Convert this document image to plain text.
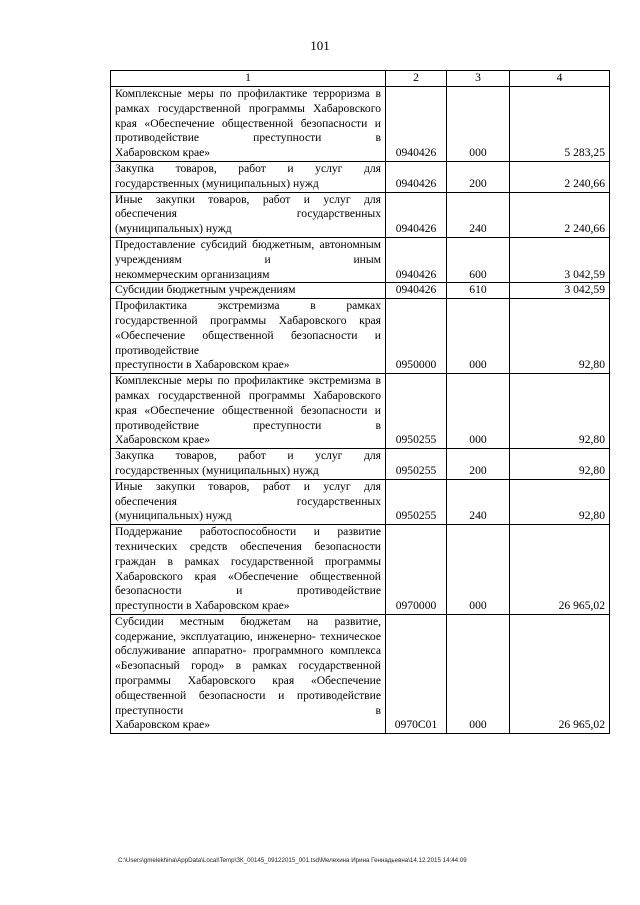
101
1	2	3	4
Комплексные меры по профилактике терроризма в рамках государственной программы Хабаровского края «Обеспечение общественной безопасности и противодействие преступности в
Хабаровском крае»	0940426	000	5 283,25
Закупка товаров, работ и услуг для
государственных (муниципальных) нужд	0940426	200	2 240,66
Иные закупки товаров, работ и услуг для обеспечения государственных
(муниципальных) нужд	0940426	240	2 240,66
Предоставление субсидий бюджетным, автономным учреждениям и иным
некоммерческим организациям	0940426	600	3 042,59

Субсидии бюджетным учреждениям	0940426	610	3 042,59
Профилактика экстремизма в рамках государственной программы Хабаровского края «Обеспечение общественной безопасности и противодействие
преступности в Хабаровском крае»	0950000	000	92,80
Комплексные меры по профилактике экстремизма в рамках государственной программы Хабаровского края «Обеспечение общественной безопасности и противодействие преступности в
Хабаровском крае»	0950255	000	92,80
Закупка товаров, работ и услуг для
государственных (муниципальных) нужд	0950255	200	92,80
Иные закупки товаров, работ и услуг для обеспечения государственных
(муниципальных) нужд	0950255	240	92,80
Поддержание работоспособности и развитие технических средств обеспечения безопасности граждан в рамках государственной программы Хабаровского края «Обеспечение общественной безопасности и противодействие
преступности в Хабаровском крае»	0970000	000	26 965,02
Субсидии местным бюджетам на развитие, содержание, эксплуатацию, инженерно- техническое обслуживание аппаратно- программного комплекса «Безопасный город» в рамках государственной программы Хабаровского края «Обеспечение общественной безопасности и противодействие преступности в
Хабаровском крае»	0970С01	000	26 965,02
C:\Users\gmelekhina\AppData\Local\Temp\ЗК_00145_09122015_001.tsd\Мелехина Ирина Геннадьевна\14.12.2015 14:44:09
